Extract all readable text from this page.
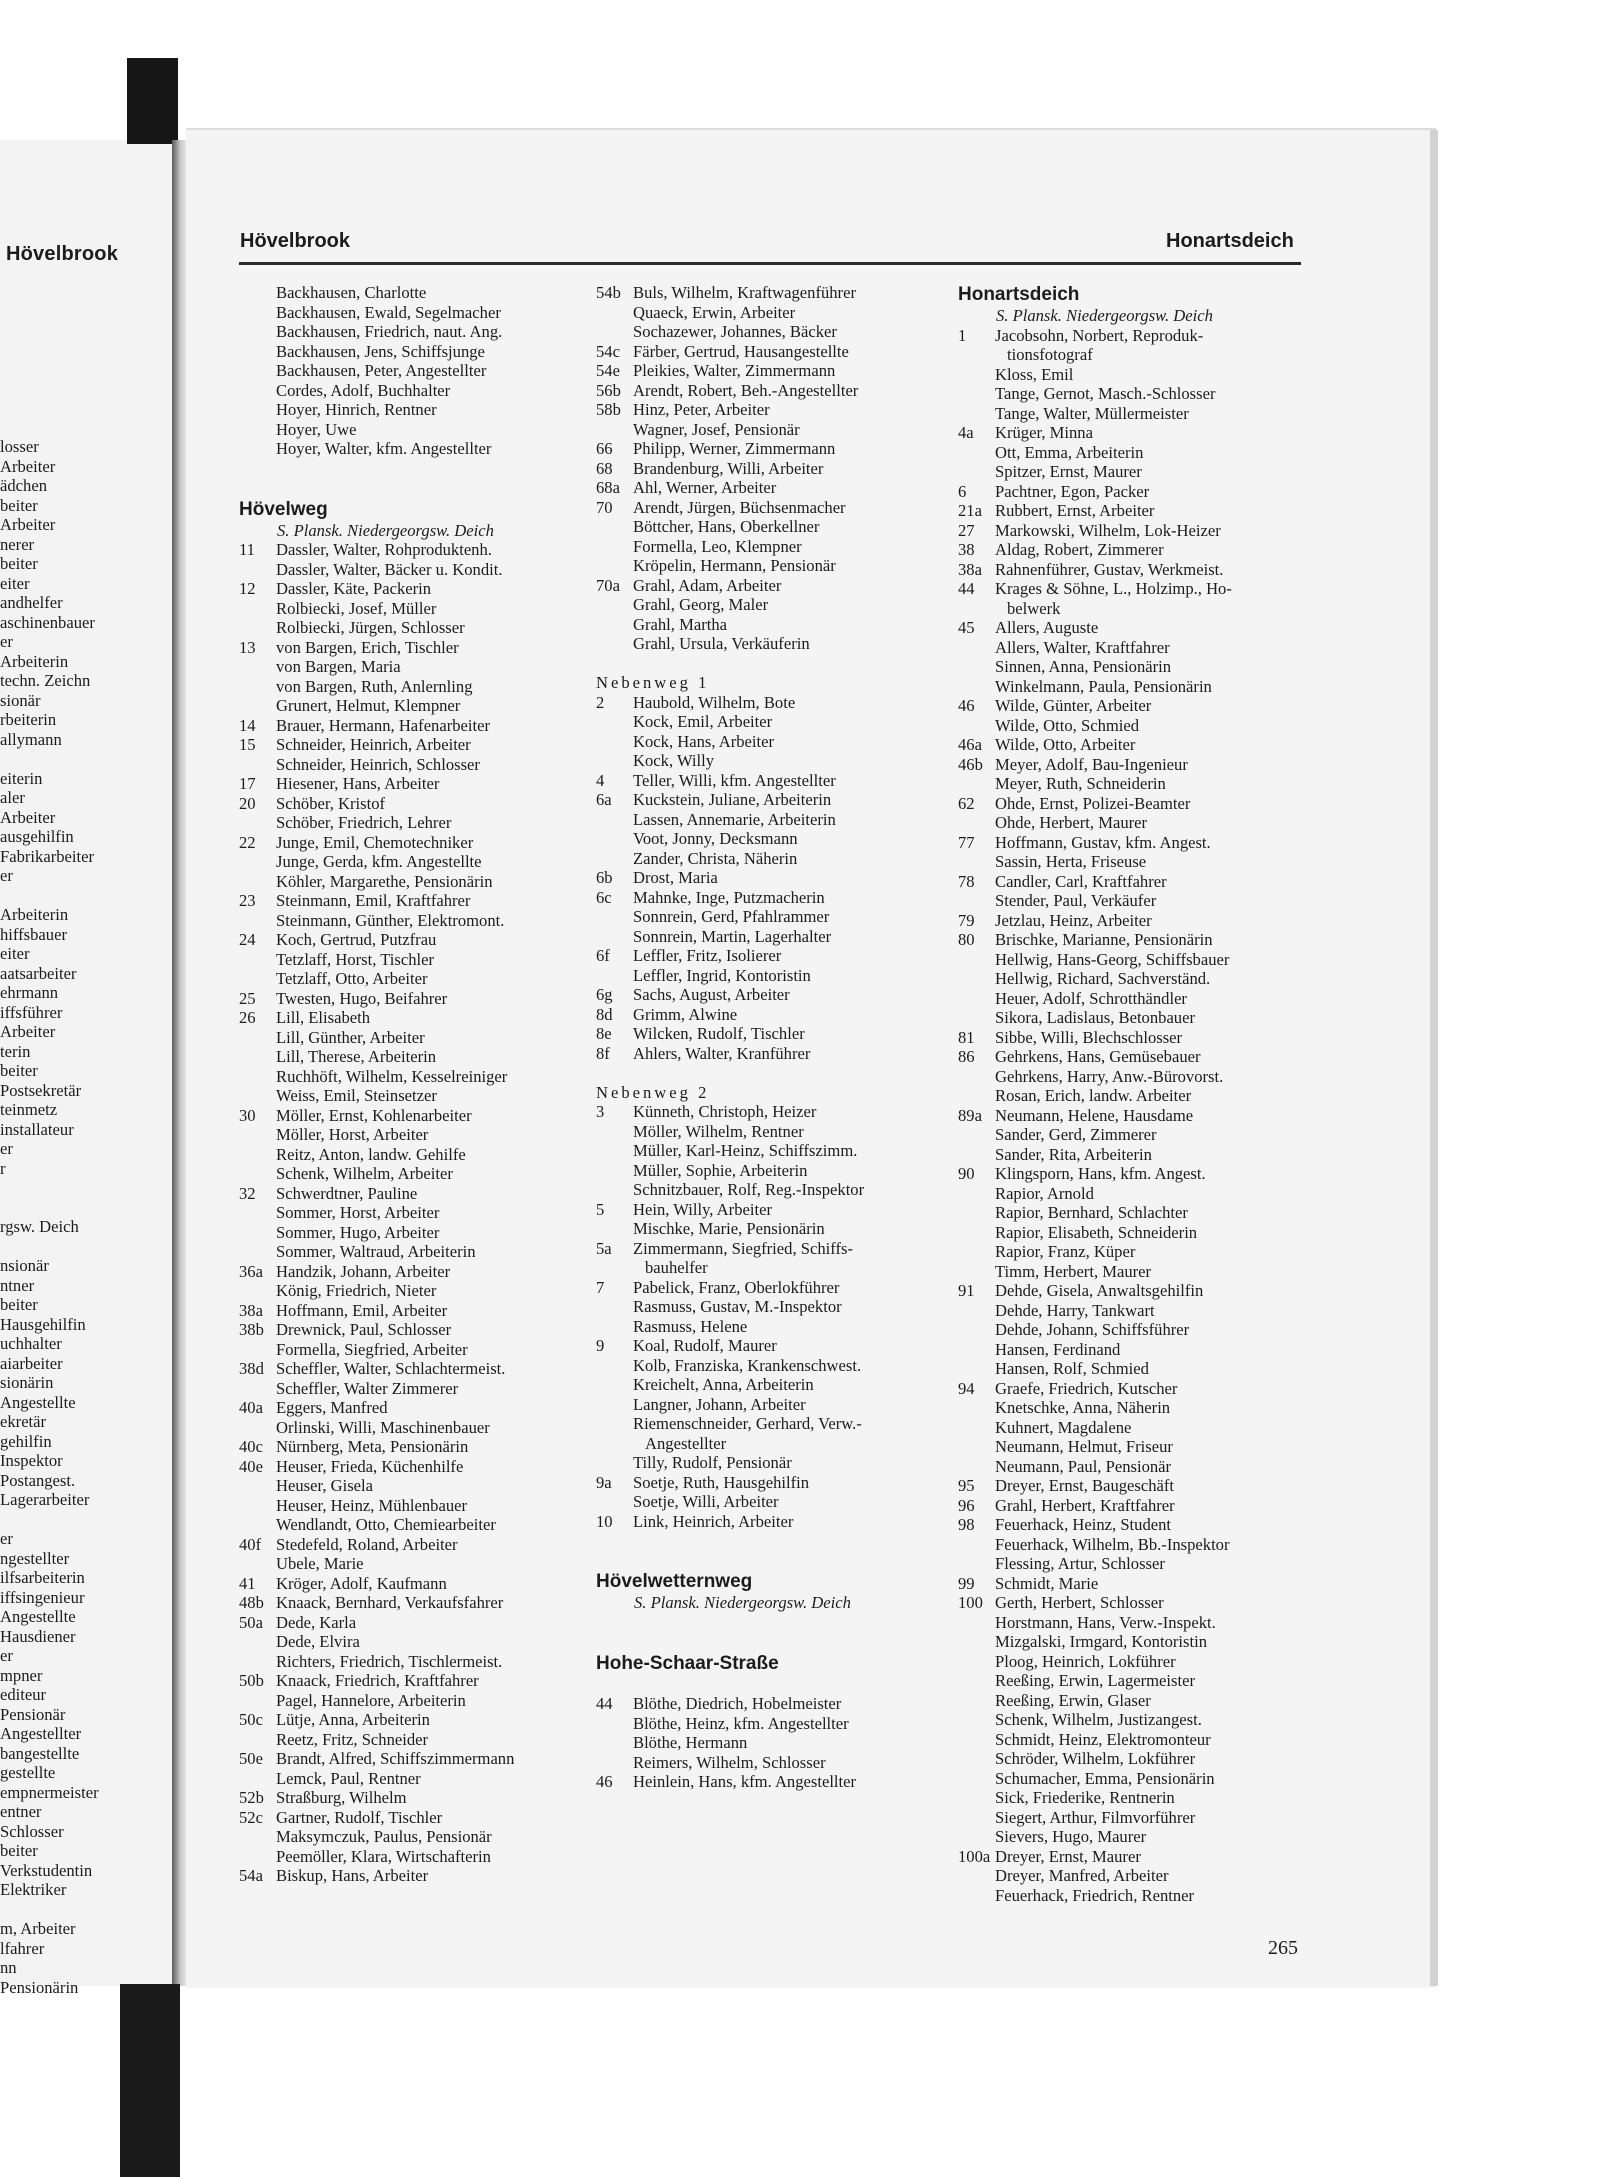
losser
Arbeiter
ädchen
beiter
Arbeiter
nerer
beiter
eiter
andhelfer
aschinenbauer
er
Arbeiterin
techn. Zeichn
sionär
rbeiterin
allymann
eiterin
aler
Arbeiter
ausgehilfin
Fabrikarbeiter
er
Arbeiterin
hiffsbauer
eiter
aatsarbeiter
ehrmann
iffsführer
Arbeiter
terin
beiter
Postsekretär
teinmetz
installateur
er
r
rgsw. Deich
nsionär
ntner
beiter
Hausgehilfin
uchhalter
aiarbeiter
sionärin
Angestellte
ekretär
gehilfin
Inspektor
Postangest.
Lagerarbeiter
er
ngestellter
ilfsarbeiterin
iffsingenieur
Angestellte
Hausdiener
er
mpner
editeur
Pensionär
Angestellter
bangestellte
gestellte
empnermeister
entner
Schlosser
beiter
Verkstudentin
Elektriker
m, Arbeiter
lfahrer
nn
Pensionärin
Hövelbrook
Hövelbrook	Honartsdeich
Backhausen, Charlotte
Backhausen, Ewald, Segelmacher
Backhausen, Friedrich, naut. Ang.
Backhausen, Jens, Schiffsjunge
Backhausen, Peter, Angestellter
Cordes, Adolf, Buchhalter
Hoyer, Hinrich, Rentner
Hoyer, Uwe
Hoyer, Walter, kfm. Angestellter
Hövelweg
S. Plansk. Niedergeorgsw. Deich
11	Dassler, Walter, Rohproduktenh.
Dassler, Walter, Bäcker u. Kondit.
12	Dassler, Käte, Packerin
Rolbiecki, Josef, Müller
Rolbiecki, Jürgen, Schlosser
13	von Bargen, Erich, Tischler
von Bargen, Maria
von Bargen, Ruth, Anlernling
Grunert, Helmut, Klempner
14	Brauer, Hermann, Hafenarbeiter
15	Schneider, Heinrich, Arbeiter
Schneider, Heinrich, Schlosser
17	Hiesener, Hans, Arbeiter
20	Schöber, Kristof
Schöber, Friedrich, Lehrer
22	Junge, Emil, Chemotechniker
Junge, Gerda, kfm. Angestellte
Köhler, Margarethe, Pensionärin
23	Steinmann, Emil, Kraftfahrer
Steinmann, Günther, Elektromont.
24	Koch, Gertrud, Putzfrau
Tetzlaff, Horst, Tischler
Tetzlaff, Otto, Arbeiter
25	Twesten, Hugo, Beifahrer
26	Lill, Elisabeth
Lill, Günther, Arbeiter
Lill, Therese, Arbeiterin
Ruchhöft, Wilhelm, Kesselreiniger
Weiss, Emil, Steinsetzer
30	Möller, Ernst, Kohlenarbeiter
Möller, Horst, Arbeiter
Reitz, Anton, landw. Gehilfe
Schenk, Wilhelm, Arbeiter
32	Schwerdtner, Pauline
Sommer, Horst, Arbeiter
Sommer, Hugo, Arbeiter
Sommer, Waltraud, Arbeiterin
36a Handzik, Johann, Arbeiter
König, Friedrich, Nieter
38a Hoffmann, Emil, Arbeiter
38b Drewnick, Paul, Schlosser
Formella, Siegfried, Arbeiter
38d Scheffler, Walter, Schlachtermeist.
Scheffler, Walter Zimmerer
40a Eggers, Manfred
Orlinski, Willi, Maschinenbauer
40c Nürnberg, Meta, Pensionärin
40e Heuser, Frieda, Küchenhilfe
Heuser, Gisela
Heuser, Heinz, Mühlenbauer
Wendlandt, Otto, Chemiearbeiter
40f Stedefeld, Roland, Arbeiter
Ubele, Marie
41	Kröger, Adolf, Kaufmann
48b Knaack, Bernhard, Verkaufsfahrer
50a Dede, Karla
Dede, Elvira
Richters, Friedrich, Tischlermeist.
50b Knaack, Friedrich, Kraftfahrer
Pagel, Hannelore, Arbeiterin
50c Lütje, Anna, Arbeiterin
Reetz, Fritz, Schneider
50e Brandt, Alfred, Schiffszimmermann
Lemck, Paul, Rentner
52b Straßburg, Wilhelm
52c Gartner, Rudolf, Tischler
Maksymczuk, Paulus, Pensionär
Peemöller, Klara, Wirtschafterin
54a Biskup, Hans, Arbeiter
54b Buls, Wilhelm, Kraftwagenführer
Quaeck, Erwin, Arbeiter
Sochazewer, Johannes, Bäcker
54c Färber, Gertrud, Hausangestellte
54e Pleikies, Walter, Zimmermann
56b Arendt, Robert, Beh.-Angestellter
58b Hinz, Peter, Arbeiter
Wagner, Josef, Pensionär
66	Philipp, Werner, Zimmermann
68	Brandenburg, Willi, Arbeiter
68a Ahl, Werner, Arbeiter
70	Arendt, Jürgen, Büchsenmacher
Böttcher, Hans, Oberkellner
Formella, Leo, Klempner
Kröpelin, Hermann, Pensionär
70a Grahl, Adam, Arbeiter
Grahl, Georg, Maler
Grahl, Martha
Grahl, Ursula, Verkäuferin
Nebenweg 1
2	Haubold, Wilhelm, Bote
Kock, Emil, Arbeiter
Kock, Hans, Arbeiter
Kock, Willy
4	Teller, Willi, kfm. Angestellter
6a	Kuckstein, Juliane, Arbeiterin
Lassen, Annemarie, Arbeiterin
Voot, Jonny, Decksmann
Zander, Christa, Näherin
6b	Drost, Maria
6c	Mahnke, Inge, Putzmacherin
Sonnrein, Gerd, Pfahlrammer
Sonnrein, Martin, Lagerhalter
6f	Leffler, Fritz, Isolierer
Leffler, Ingrid, Kontoristin
6g	Sachs, August, Arbeiter
8d	Grimm, Alwine
8e	Wilcken, Rudolf, Tischler
8f	Ahlers, Walter, Kranführer
Nebenweg 2
3	Künneth, Christoph, Heizer
Möller, Wilhelm, Rentner
Müller, Karl-Heinz, Schiffszimm.
Müller, Sophie, Arbeiterin
Schnitzbauer, Rolf, Reg.-Inspektor
5	Hein, Willy, Arbeiter
Mischke, Marie, Pensionärin
5a	Zimmermann, Siegfried, Schiffs-
bauhelfer
7	Pabelick, Franz, Oberlokführer
Rasmuss, Gustav, M.-Inspektor
Rasmuss, Helene
9	Koal, Rudolf, Maurer
Kolb, Franziska, Krankenschwest.
Kreichelt, Anna, Arbeiterin
Langner, Johann, Arbeiter
Riemenschneider, Gerhard, Verw.-
Angestellter
Tilly, Rudolf, Pensionär
9a	Soetje, Ruth, Hausgehilfin
Soetje, Willi, Arbeiter
10	Link, Heinrich, Arbeiter
Hövelwetternweg
S. Plansk. Niedergeorgsw. Deich
Hohe-Schaar-Straße
44	Blöthe, Diedrich, Hobelmeister
Blöthe, Heinz, kfm. Angestellter
Blöthe, Hermann
Reimers, Wilhelm, Schlosser
46	Heinlein, Hans, kfm. Angestellter
Honartsdeich
S. Plansk. Niedergeorgsw. Deich
1	Jacobsohn, Norbert, Reproduk-
tionsfotograf
Kloss, Emil
Tange, Gernot, Masch.-Schlosser
Tange, Walter, Müllermeister
4a	Krüger, Minna
Ott, Emma, Arbeiterin
Spitzer, Ernst, Maurer
6	Pachtner, Egon, Packer
21a Rubbert, Ernst, Arbeiter
27	Markowski, Wilhelm, Lok-Heizer
38	Aldag, Robert, Zimmerer
38a Rahnenführer, Gustav, Werkmeist.
44	Krages & Söhne, L., Holzimp., Ho-
belwerk
45	Allers, Auguste
Allers, Walter, Kraftfahrer
Sinnen, Anna, Pensionärin
Winkelmann, Paula, Pensionärin
46	Wilde, Günter, Arbeiter
Wilde, Otto, Schmied
46a Wilde, Otto, Arbeiter
46b Meyer, Adolf, Bau-Ingenieur
Meyer, Ruth, Schneiderin
62	Ohde, Ernst, Polizei-Beamter
Ohde, Herbert, Maurer
77	Hoffmann, Gustav, kfm. Angest.
Sassin, Herta, Friseuse
78	Candler, Carl, Kraftfahrer
Stender, Paul, Verkäufer
79	Jetzlau, Heinz, Arbeiter
80	Brischke, Marianne, Pensionärin
Hellwig, Hans-Georg, Schiffsbauer
Hellwig, Richard, Sachverständ.
Heuer, Adolf, Schrotthändler
Sikora, Ladislaus, Betonbauer
81	Sibbe, Willi, Blechschlosser
86	Gehrkens, Hans, Gemüsebauer
Gehrkens, Harry, Anw.-Bürovorst.
Rosan, Erich, landw. Arbeiter
89a Neumann, Helene, Hausdame
Sander, Gerd, Zimmerer
Sander, Rita, Arbeiterin
90	Klingsporn, Hans, kfm. Angest.
Rapior, Arnold
Rapior, Bernhard, Schlachter
Rapior, Elisabeth, Schneiderin
Rapior, Franz, Küper
Timm, Herbert, Maurer
91	Dehde, Gisela, Anwaltsgehilfin
Dehde, Harry, Tankwart
Dehde, Johann, Schiffsführer
Hansen, Ferdinand
Hansen, Rolf, Schmied
94	Graefe, Friedrich, Kutscher
Knetschke, Anna, Näherin
Kuhnert, Magdalene
Neumann, Helmut, Friseur
Neumann, Paul, Pensionär
95	Dreyer, Ernst, Baugeschäft
96	Grahl, Herbert, Kraftfahrer
98	Feuerhack, Heinz, Student
Feuerhack, Wilhelm, Bb.-Inspektor
Flessing, Artur, Schlosser
99	Schmidt, Marie
100 Gerth, Herbert, Schlosser
Horstmann, Hans, Verw.-Inspekt.
Mizgalski, Irmgard, Kontoristin
Ploog, Heinrich, Lokführer
Reeßing, Erwin, Lagermeister
Reeßing, Erwin, Glaser
Schenk, Wilhelm, Justizangest.
Schmidt, Heinz, Elektromonteur
Schröder, Wilhelm, Lokführer
Schumacher, Emma, Pensionärin
Sick, Friederike, Rentnerin
Siegert, Arthur, Filmvorführer
Sievers, Hugo, Maurer
100a Dreyer, Ernst, Maurer
Dreyer, Manfred, Arbeiter
Feuerhack, Friedrich, Rentner
265
